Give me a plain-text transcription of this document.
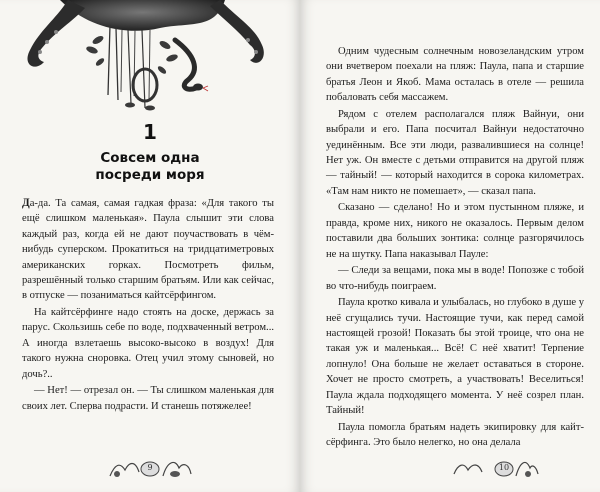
1
Совсем одна
посреди моря

Да-да. Та самая, самая гадкая фраза: «Для такого ты ещё слишком маленькая». Паула слышит эти слова каждый раз, когда ей не дают поучаствовать в чём-нибудь суперском. Прокатиться на тридцатиметровых американских горках. Посмотреть фильм, разрешённый только старшим братьям. Или как сейчас, в отпуске — позаниматься кайтсёрфингом.

На кайтсёрфинге надо стоять на доске, держась за парус. Скользишь себе по воде, подхваченный ветром... А иногда взлетаешь высоко-высоко в воздух! Для такого нужна сноровка. Отец учил этому сыновей, но дочь?..

— Нет! — отрезал он. — Ты слишком маленькая для своих лет. Сперва подрасти. И станешь потяжелее!

9

Одним чудесным солнечным новозеландским утром они вчетвером поехали на пляж: Паула, папа и старшие братья Леон и Якоб. Мама осталась в отеле — решила побаловать себя массажем.

Рядом с отелем располагался пляж Вайнуи, они выбрали и его. Папа посчитал Вайнуи недостаточно уединённым. Все эти люди, развалившиеся на солнце! Нет уж. Он вместе с детьми отправится на другой пляж — тайный! — который находится в сорока километрах. «Там нам никто не помешает», — сказал папа.

Сказано — сделано! Но и этом пустынном пляже, и правда, кроме них, никого не оказалось. Первым делом поставили два больших зонтика: солнце разгорячилось не на шутку. Папа наказывал Пауле:

— Следи за вещами, пока мы в воде! Попозже с тобой во что-нибудь поиграем.

Паула кротко кивала и улыбалась, но глубоко в душе у неё сгущались тучи. Настоящие тучи, как перед самой настоящей грозой! Показать бы этой троице, что она не такая уж и маленькая... Всё! С неё хватит! Терпение лопнуло! Она больше не желает оставаться в стороне. Хочет не просто смотреть, а участвовать! Веселиться! Паула ждала подходящего момента. У неё созрел план. Тайный!

Паула помогла братьям надеть экипировку для кайт-сёрфинга. Это было нелегко, но она делала

10
